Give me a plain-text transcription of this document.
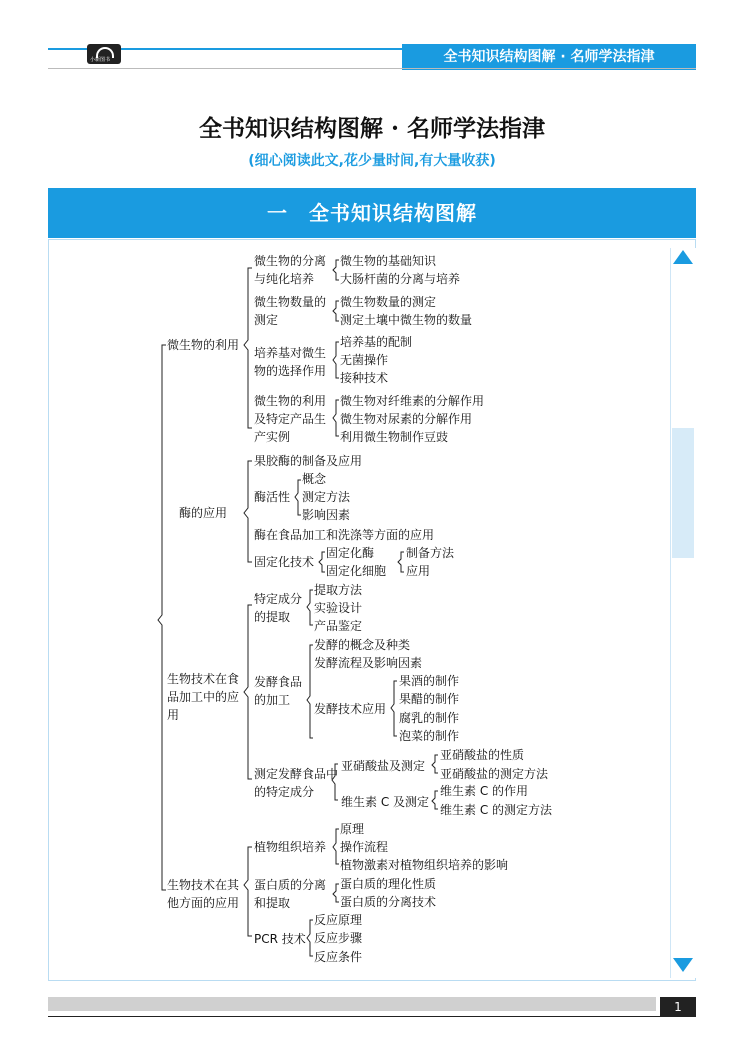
小新图书	全书知识结构图解 · 名师学法指津
全书知识结构图解 · 名师学法指津
(细心阅读此文,花少量时间,有大量收获)
一　全书知识结构图解
微生物的利用
酶的应用
生物技术在食品加工中的应用
生物技术在其他方面的应用
微生物的分离与纯化培养
微生物的基础知识
大肠杆菌的分离与培养
微生物数量的测定
微生物数量的测定
测定土壤中微生物的数量
培养基对微生物的选择作用
培养基的配制
无菌操作
接种技术
微生物的利用及特定产品生产实例
微生物对纤维素的分解作用
微生物对尿素的分解作用
利用微生物制作豆豉
果胶酶的制备及应用
酶活性
概念
测定方法
影响因素
酶在食品加工和洗涤等方面的应用
固定化技术
固定化酶
固定化细胞
制备方法
应用
特定成分的提取
提取方法
实验设计
产品鉴定
发酵食品的加工
发酵的概念及种类
发酵流程及影响因素
发酵技术应用
果酒的制作
果醋的制作
腐乳的制作
泡菜的制作
测定发酵食品中的特定成分
亚硝酸盐及测定
亚硝酸盐的性质
亚硝酸盐的测定方法
维生素 C 及测定
维生素 C 的作用
维生素 C 的测定方法
植物组织培养
原理
操作流程
植物激素对植物组织培养的影响
蛋白质的分离和提取
蛋白质的理化性质
蛋白质的分离技术
PCR 技术
反应原理
反应步骤
反应条件
1
